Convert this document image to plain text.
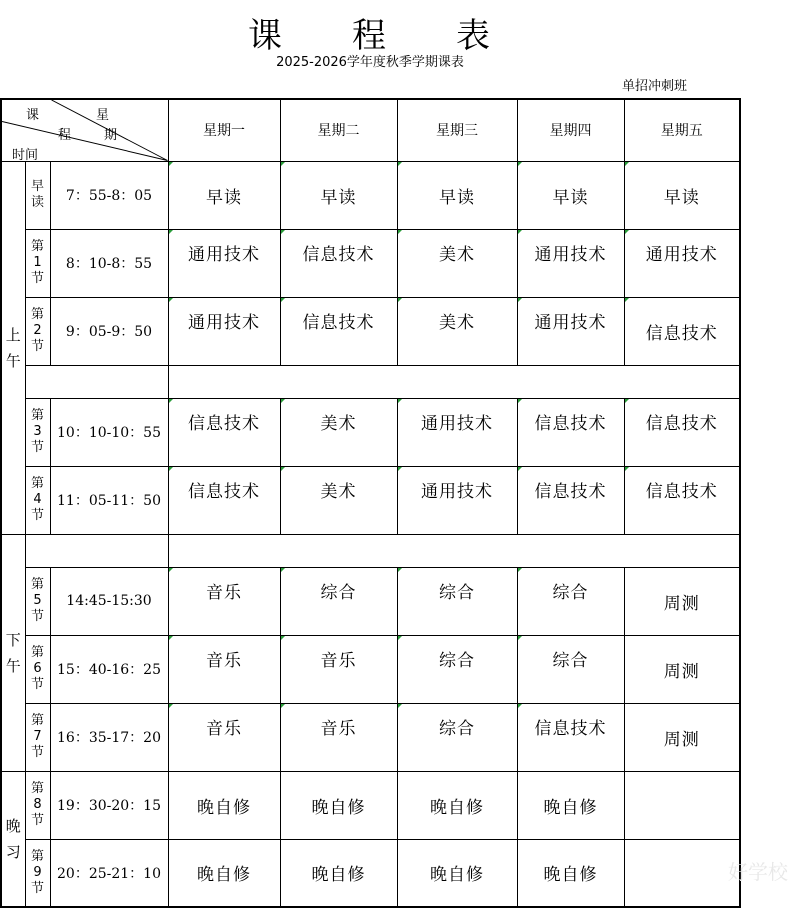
课 程 表
2025-2026学年度秋季学期课表
单招冲刺班
课 星
程 期
时间			星期一	星期二	星期三	星期四	星期五
上
午	早
读	7：55-8：05	早读	早读	早读	早读	早读
	第
1
节	8：10-8：55	通用技术	信息技术	美术	通用技术	通用技术
	第
2
节	9：05-9：50	通用技术	信息技术	美术	通用技术	信息技术

	第
3
节	10：10-10：55	信息技术	美术	通用技术	信息技术	信息技术
	第
4
节	11：05-11：50	信息技术	美术	通用技术	信息技术	信息技术
下
午							
	第
5
节	14:45-15:30	音乐	综合	综合	综合	周测
	第
6
节	15：40-16：25	音乐	音乐	综合	综合	周测
	第
7
节	16：35-17：20	音乐	音乐	综合	信息技术	周测
晚
习	第
8
节	19：30-20：15	晚自修	晚自修	晚自修	晚自修	
	第
9
节	20：25-21：10	晚自修	晚自修	晚自修	晚自修		好学校
